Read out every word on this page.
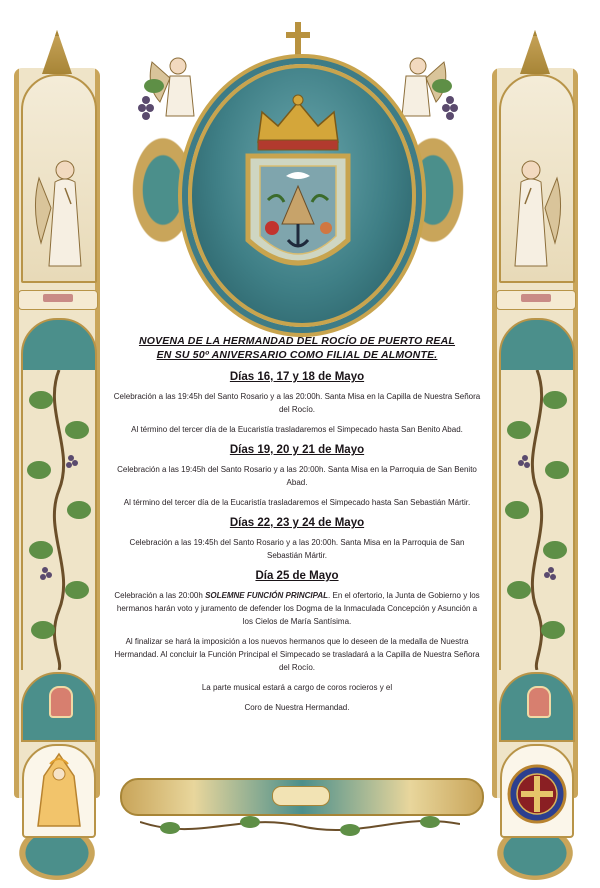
NOVENA DE LA HERMANDAD DEL ROCÍO DE PUERTO REAL

EN SU 50º ANIVERSARIO COMO FILIAL DE ALMONTE.

Días 16, 17 y 18 de Mayo

Celebración a las 19:45h del Santo Rosario y a las 20:00h. Santa Misa en la Capilla de Nuestra Señora del Rocío.

Al término del tercer día de la Eucaristía trasladaremos el Simpecado hasta San Benito Abad.

Días 19, 20 y 21 de Mayo

Celebración a las 19:45h del Santo Rosario y a las 20:00h. Santa Misa en la Parroquia de San Benito Abad.

Al término del tercer día de la Eucaristía trasladaremos el Simpecado hasta San Sebastián Mártir.

Días 22, 23 y 24 de Mayo

Celebración a las 19:45h del Santo Rosario y a las 20:00h. Santa Misa en la Parroquia de San Sebastián Mártir.

Día 25 de Mayo

Celebración a las 20:00h SOLEMNE FUNCIÓN PRINCIPAL. En el ofertorio, la Junta de Gobierno y los hermanos harán voto y juramento de defender los Dogma de la Inmaculada Concepción y Asunción a los Cielos de María Santísima.

Al finalizar se hará la imposición a los nuevos hermanos que lo deseen de la medalla de Nuestra Hermandad. Al concluir la Función Principal el Simpecado se trasladará a la Capilla de Nuestra Señora del Rocío.

La parte musical estará a cargo de coros rocieros y el

Coro de Nuestra Hermandad.
